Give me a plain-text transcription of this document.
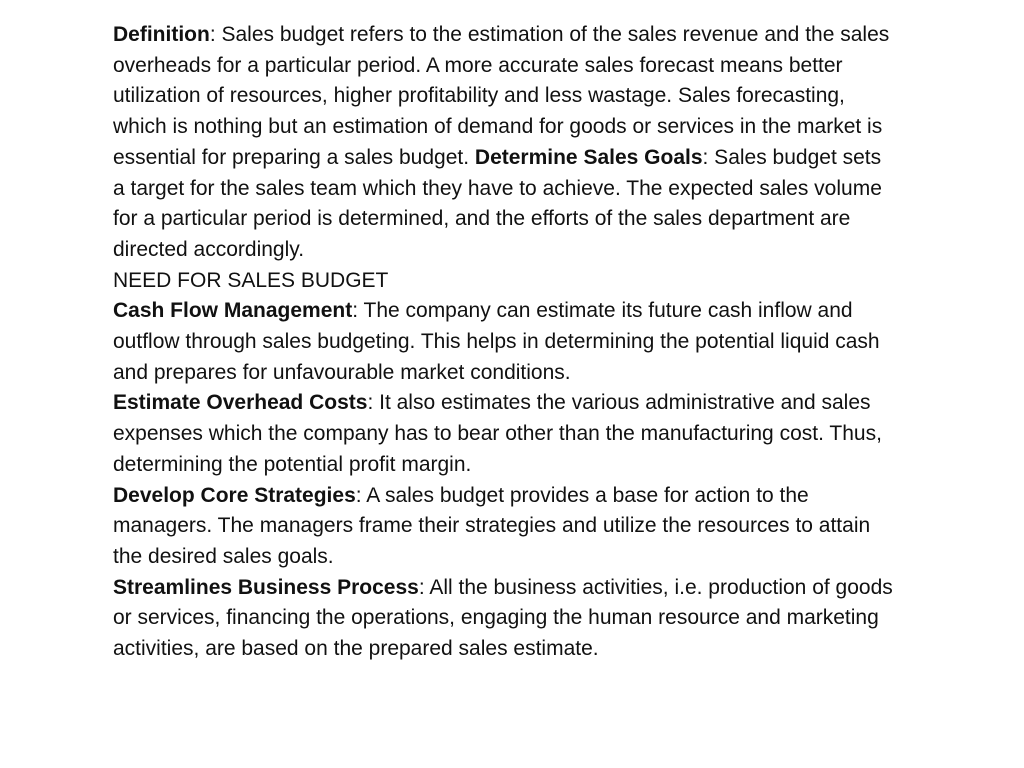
Definition: Sales budget refers to the estimation of the sales revenue and the sales overheads for a particular period. A more accurate sales forecast means better utilization of resources, higher profitability and less wastage. Sales forecasting, which is nothing but an estimation of demand for goods or services in the market is essential for preparing a sales budget. Determine Sales Goals: Sales budget sets a target for the sales team which they have to achieve. The expected sales volume for a particular period is determined, and the efforts of the sales department are directed accordingly.

NEED FOR SALES BUDGET

Cash Flow Management: The company can estimate its future cash inflow and outflow through sales budgeting. This helps in determining the potential liquid cash and prepares for unfavourable market conditions.

Estimate Overhead Costs: It also estimates the various administrative and sales expenses which the company has to bear other than the manufacturing cost. Thus, determining the potential profit margin.

Develop Core Strategies: A sales budget provides a base for action to the managers. The managers frame their strategies and utilize the resources to attain the desired sales goals.

Streamlines Business Process: All the business activities, i.e. production of goods or services, financing the operations, engaging the human resource and marketing activities, are based on the prepared sales estimate.
